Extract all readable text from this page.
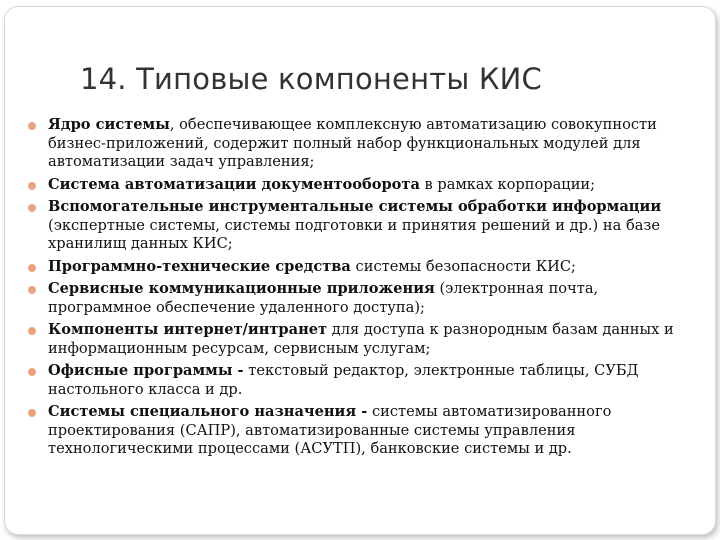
14. Типовые компоненты КИС
Ядро системы, обеспечивающее комплексную автоматизацию совокупности бизнес-приложений, содержит полный набор функциональных модулей для автоматизации задач управления;
Система автоматизации документооборота в рамках корпорации;
Вспомогательные инструментальные системы обработки информации (экспертные системы, системы подготовки и принятия решений и др.) на базе хранилищ данных КИС;
Программно-технические средства системы безопасности КИС;
Сервисные коммуникационные приложения (электронная почта, программное обеспечение удаленного доступа);
Компоненты интернет/интранет для доступа к разнородным базам данных и информационным ресурсам, сервисным услугам;
Офисные программы - текстовый редактор, электронные таблицы, СУБД настольного класса и др.
Системы специального назначения - системы автоматизированного проектирования (САПР), автоматизированные системы управления технологическими процессами (АСУТП), банковские системы и др.
